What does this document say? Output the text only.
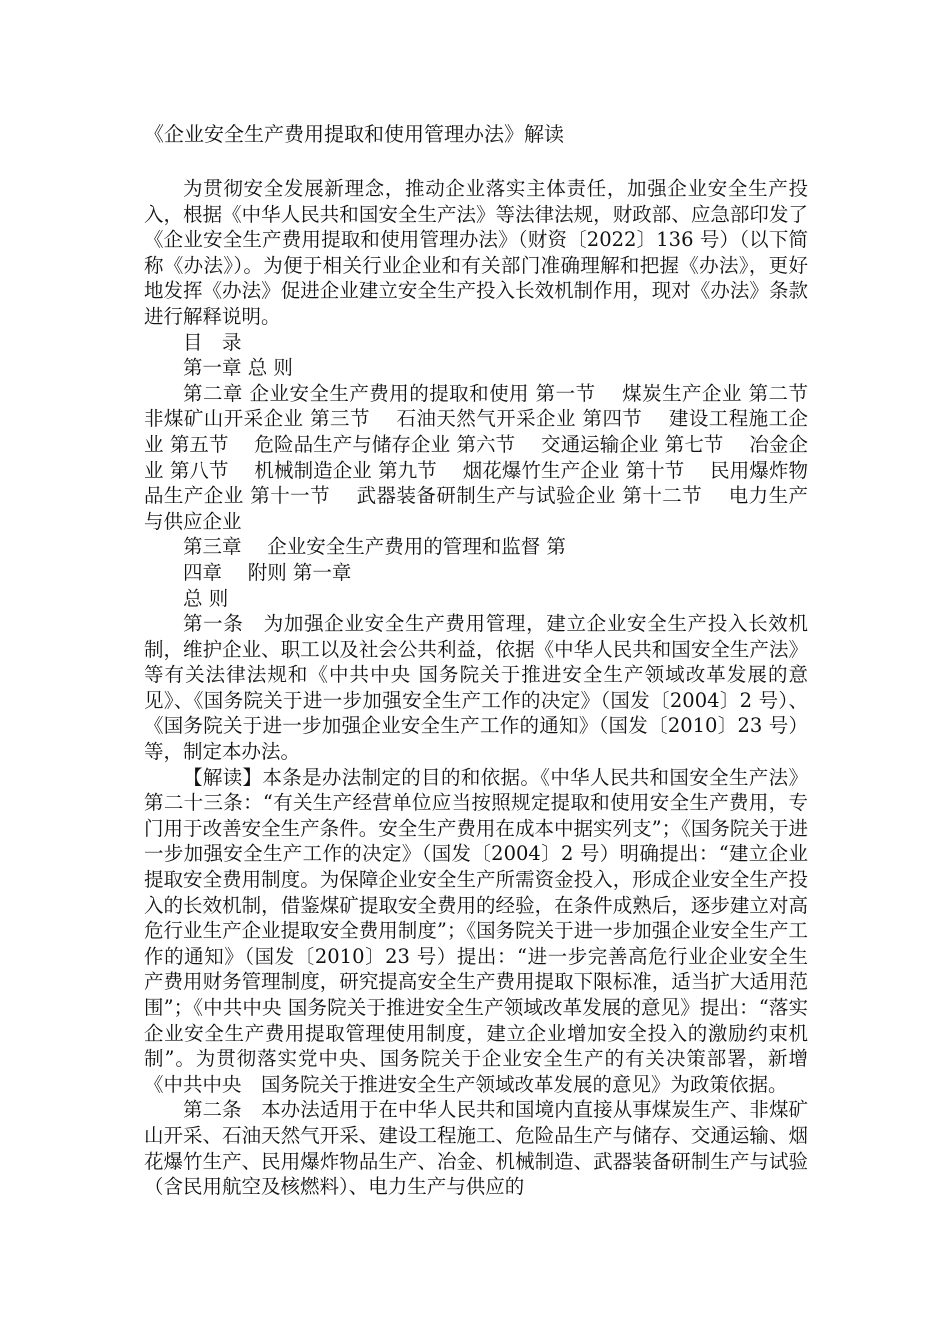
《企业安全生产费用提取和使用管理办法》解读

为贯彻安全发展新理念，推动企业落实主体责任，加强企业安全生产投入，根据《中华人民共和国安全生产法》等法律法规，财政部、应急部印发了《企业安全生产费用提取和使用管理办法》（财资〔2022〕136 号）（以下简称《办法》）。为便于相关行业企业和有关部门准确理解和把握《办法》，更好地发挥《办法》促进企业建立安全生产投入长效机制作用，现对《办法》条款进行解释说明。

目　录

第一章 总 则

第二章 企业安全生产费用的提取和使用 第一节　 煤炭生产企业 第二节　 非煤矿山开采企业 第三节　 石油天然气开采企业 第四节　 建设工程施工企业 第五节　 危险品生产与储存企业 第六节　 交通运输企业 第七节　 冶金企业 第八节　 机械制造企业 第九节　 烟花爆竹生产企业 第十节　 民用爆炸物品生产企业 第十一节　 武器装备研制生产与试验企业 第十二节　 电力生产与供应企业

第三章　 企业安全生产费用的管理和监督 第

四章　 附则 第一章

总 则

第一条　为加强企业安全生产费用管理，建立企业安全生产投入长效机制，维护企业、职工以及社会公共利益，依据《中华人民共和国安全生产法》等有关法律法规和《中共中央 国务院关于推进安全生产领域改革发展的意见》、《国务院关于进一步加强安全生产工作的决定》（国发〔2004〕2 号）、《国务院关于进一步加强企业安全生产工作的通知》（国发〔2010〕23 号）等，制定本办法。

【解读】本条是办法制定的目的和依据。《中华人民共和国安全生产法》第二十三条：“有关生产经营单位应当按照规定提取和使用安全生产费用，专门用于改善安全生产条件。安全生产费用在成本中据实列支”；《国务院关于进一步加强安全生产工作的决定》（国发〔2004〕2 号）明确提出：“建立企业提取安全费用制度。为保障企业安全生产所需资金投入，形成企业安全生产投入的长效机制，借鉴煤矿提取安全费用的经验，在条件成熟后，逐步建立对高危行业生产企业提取安全费用制度”；《国务院关于进一步加强企业安全生产工作的通知》（国发〔2010〕23 号）提出：“进一步完善高危行业企业安全生产费用财务管理制度，研究提高安全生产费用提取下限标准，适当扩大适用范围”；《中共中央 国务院关于推进安全生产领域改革发展的意见》提出：“落实企业安全生产费用提取管理使用制度，建立企业增加安全投入的激励约束机制”。为贯彻落实党中央、国务院关于企业安全生产的有关决策部署，新增《中共中央　国务院关于推进安全生产领域改革发展的意见》为政策依据。

第二条　本办法适用于在中华人民共和国境内直接从事煤炭生产、非煤矿山开采、石油天然气开采、建设工程施工、危险品生产与储存、交通运输、烟花爆竹生产、民用爆炸物品生产、冶金、机械制造、武器装备研制生产与试验（含民用航空及核燃料）、电力生产与供应的
